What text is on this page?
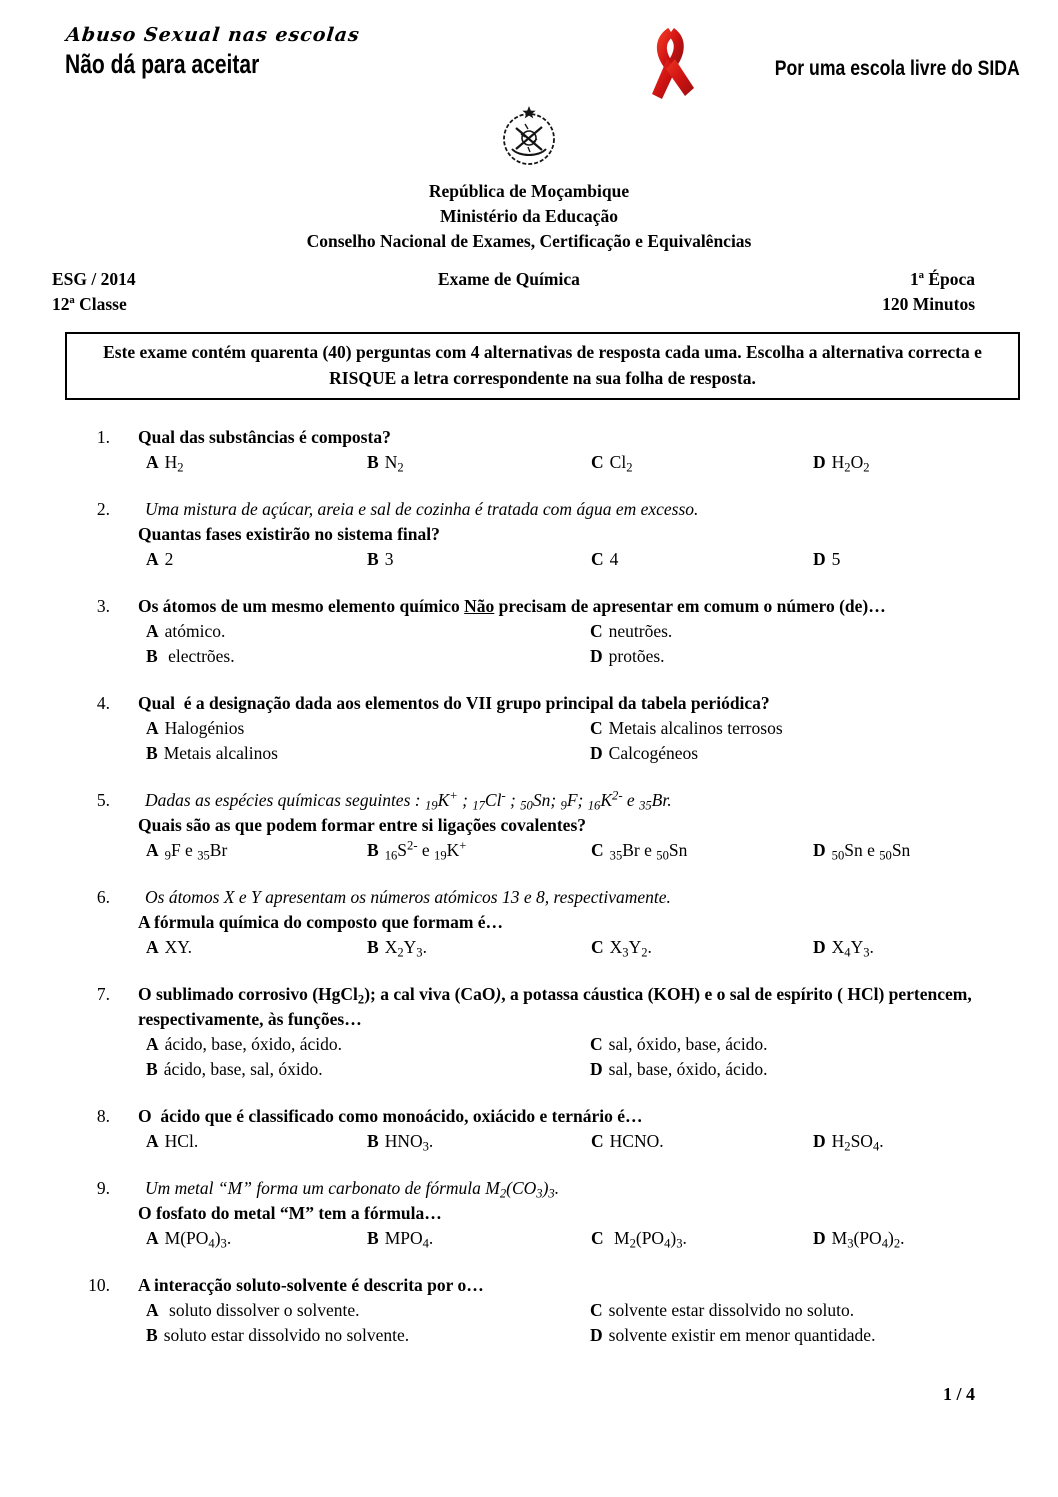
Abuso Sexual nas escolas
Não dá para aceitar	Por uma escola livre do SIDA
República de Moçambique
Ministério da Educação
Conselho Nacional de Exames, Certificação e Equivalências
ESG / 2014
12ª Classe
Exame de Química	1ª Época
120 Minutos
Este exame contém quarenta (40) perguntas com 4 alternativas de resposta cada uma. Escolha a alternativa correcta e RISQUE a letra correspondente na sua folha de resposta.
1. Qual das substâncias é composta?
A $H_2$	B $N_2$	C $Cl_2$	D $H_2O_2$
2.	Uma mistura de açúcar, areia e sal de cozinha é tratada com água em excesso.
Quantas fases existirão no sistema final?
A 2	B 3	C 4	D 5
3. Os átomos de um mesmo elemento químico Não precisam de apresentar em comum o número (de)…
A atómico.	C neutrões.
B electrões.	D protões.
4. Qual  é a designação dada aos elementos do VII grupo principal da tabela periódica?
A Halogénios	C Metais alcalinos terrosos
B Metais alcalinos	D Calcogéneos
5.	Dadas as espécies químicas seguintes : $_{19}$K+ ; $_{17}$Cl- ; $_{50}$Sn; $_9$F; $_{16}K^{2-}$ e $_{35}$Br.
Quais são as que podem formar entre si ligações covalentes?
A $_9$F e $_{35}$Br	B $_{16}S^{2-}$ e $_{19}$K+	C $_{35}$Br e $_{50}$Sn	D $_{50}$Sn e $_{50}$Sn
6.	Os átomos X e Y apresentam os números atómicos 13 e 8, respectivamente.
A fórmula química do composto que formam é…
A XY.	B $X_2Y_3$.	C $X_3Y_2$.	D $X_4Y_3$.
7. O sublimado corrosivo (HgCl$_2$); a cal viva (CaO), a potassa cáustica (KOH) e o sal de espírito ( HCl) pertencem, respectivamente, às funções…
A ácido, base, óxido, ácido.	C sal, óxido, base, ácido.
B ácido, base, sal, óxido.	D sal, base, óxido, ácido.
8. O  ácido que é classificado como monoácido, oxiácido e ternário é…
A HCl.	B $HNO_3$.	C HCNO.	D $H_2SO_4$.
9.	Um metal “M” forma um carbonato de fórmula $M_2(CO_3)_3$.
O fosfato do metal “M” tem a fórmula…
A $M(PO_4)_3$.	B $MPO_4$.	C $M_2(PO_4)_3$.	D $M_3(PO_4)_2$.
10. A interacção soluto-solvente é descrita por o…
A soluto dissolver o solvente.	C solvente estar dissolvido no soluto.
B soluto estar dissolvido no solvente.	D solvente existir em menor quantidade.
1 / 4
